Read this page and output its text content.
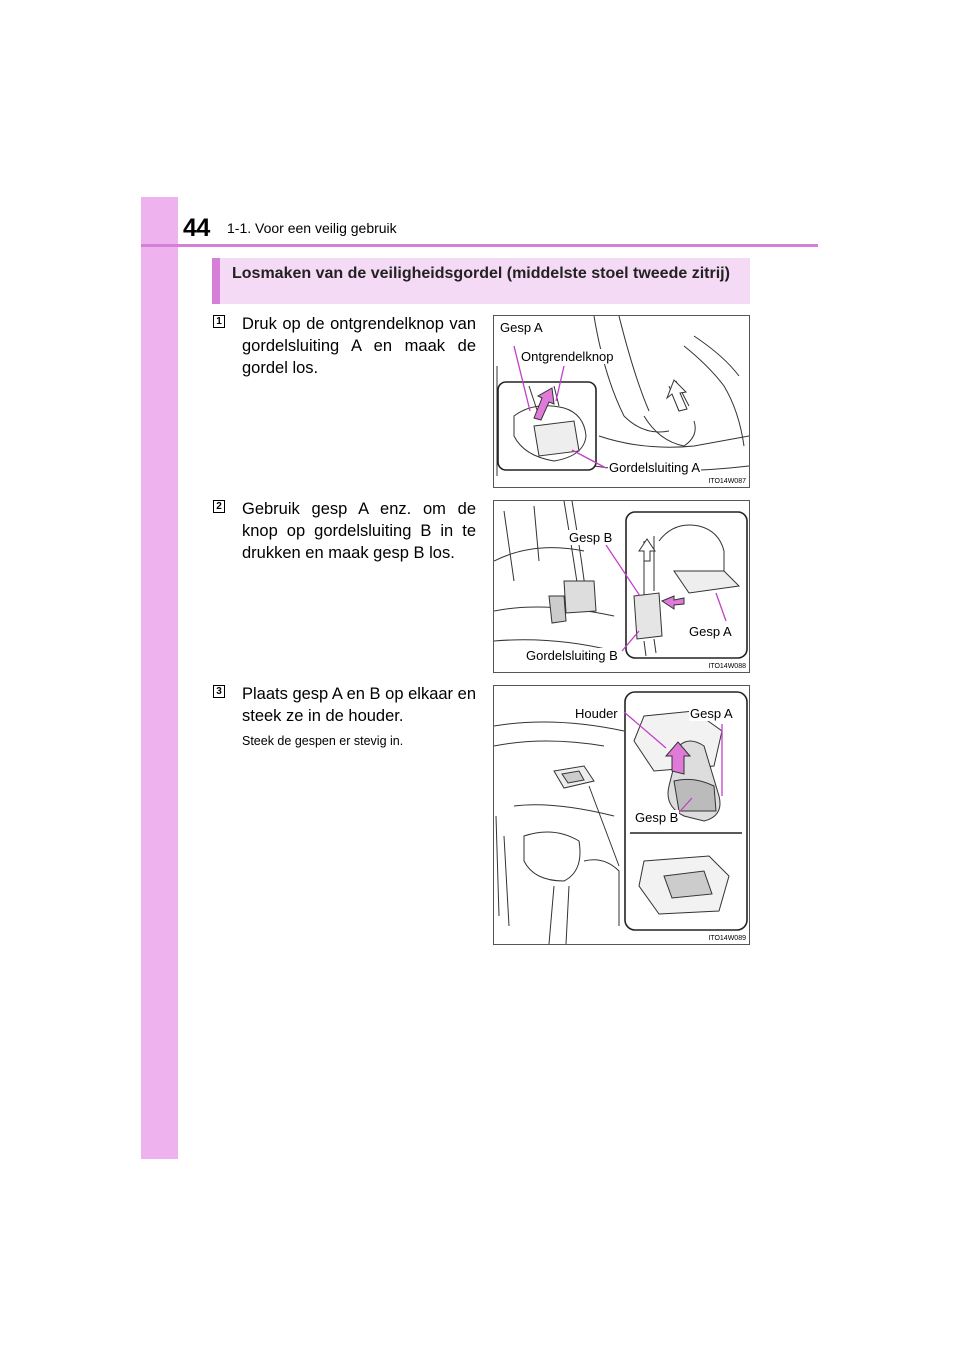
44 1-1. Voor een veilig gebruik
Losmaken van de veiligheidsgordel (middelste stoel tweede zitrij)
1 Druk op de ontgrendelknop van gordelsluiting A en maak de gordel los.
Gesp A
Ontgrendelknop
Gordelsluiting A
ITO14W087
2 Gebruik gesp A enz. om de knop op gordelsluiting B in te drukken en maak gesp B los.
Gesp B
Gesp A
Gordelsluiting B
ITO14W088
3 Plaats gesp A en B op elkaar en steek ze in de houder.
Steek de gespen er stevig in.
Houder	Gesp A
Gesp B
ITO14W089
